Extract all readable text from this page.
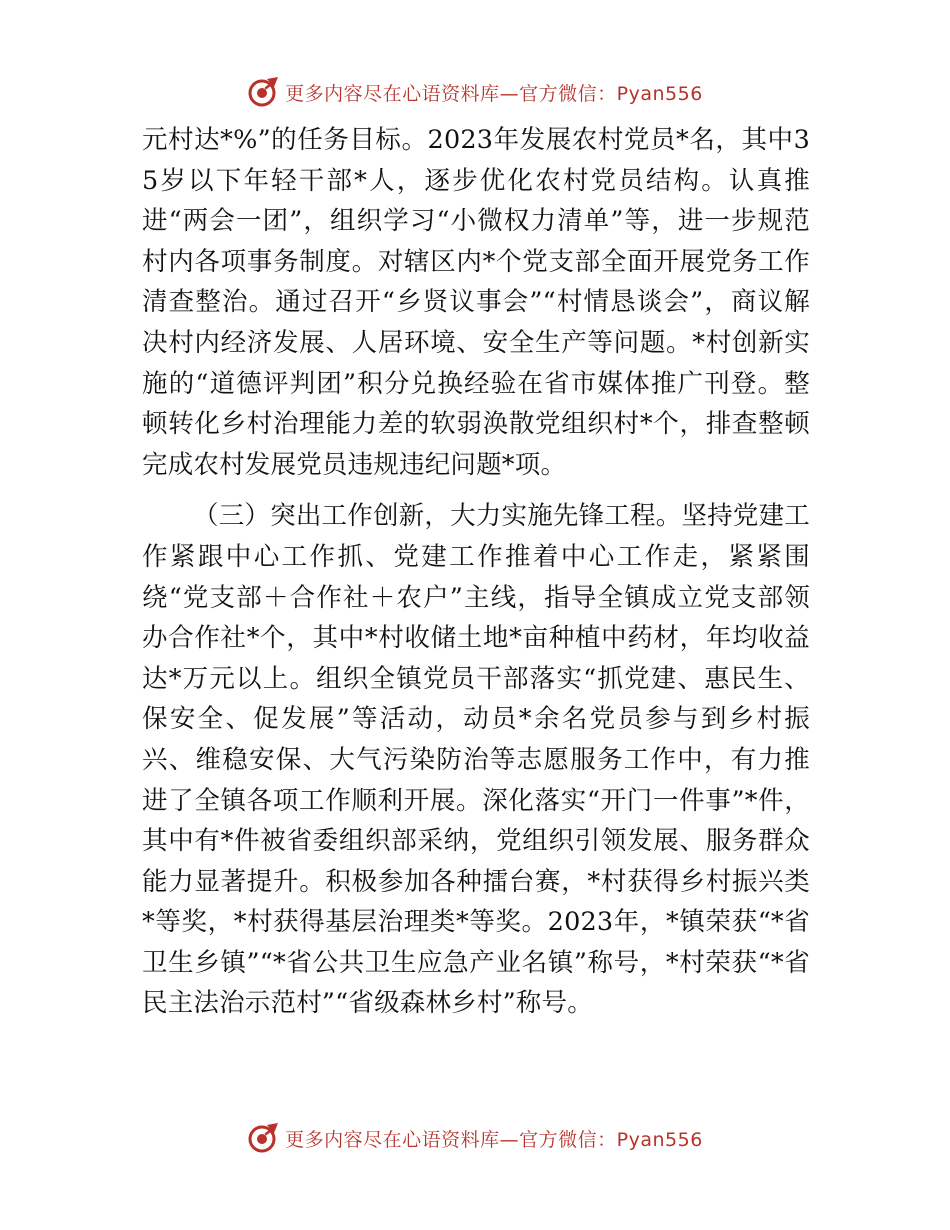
更多内容尽在心语资料库—官方微信：Pyan556

元村达*%”的任务目标。2023年发展农村党员*名，其中35岁以下年轻干部*人，逐步优化农村党员结构。认真推进“两会一团”，组织学习“小微权力清单”等，进一步规范村内各项事务制度。对辖区内*个党支部全面开展党务工作清查整治。通过召开“乡贤议事会”“村情恳谈会”，商议解决村内经济发展、人居环境、安全生产等问题。*村创新实施的“道德评判团”积分兑换经验在省市媒体推广刊登。整顿转化乡村治理能力差的软弱涣散党组织村*个，排查整顿完成农村发展党员违规违纪问题*项。

（三）突出工作创新，大力实施先锋工程。坚持党建工作紧跟中心工作抓、党建工作推着中心工作走，紧紧围绕“党支部＋合作社＋农户”主线，指导全镇成立党支部领办合作社*个，其中*村收储土地*亩种植中药材，年均收益达*万元以上。组织全镇党员干部落实“抓党建、惠民生、保安全、促发展”等活动，动员*余名党员参与到乡村振兴、维稳安保、大气污染防治等志愿服务工作中，有力推进了全镇各项工作顺利开展。深化落实“开门一件事”*件，其中有*件被省委组织部采纳，党组织引领发展、服务群众能力显著提升。积极参加各种擂台赛，*村获得乡村振兴类*等奖，*村获得基层治理类*等奖。2023年，*镇荣获“*省卫生乡镇”“*省公共卫生应急产业名镇”称号，*村荣获“*省民主法治示范村”“省级森林乡村”称号。

更多内容尽在心语资料库—官方微信：Pyan556
